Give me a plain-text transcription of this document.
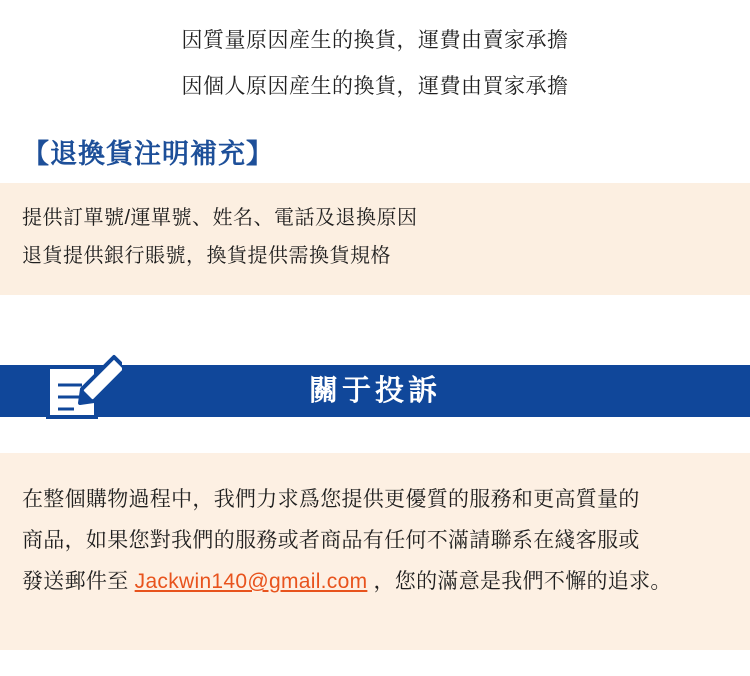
因質量原因産生的換貨，運費由賣家承擔
因個人原因産生的換貨，運費由買家承擔
【退換貨注明補充】
提供訂單號/運單號、姓名、電話及退換原因
退貨提供銀行賬號，換貨提供需換貨規格
關于投訴
在整個購物過程中，我們力求爲您提供更優質的服務和更高質量的
商品，如果您對我們的服務或者商品有任何不滿請聯系在綫客服或
發送郵件至 Jackwin140@gmail.com ，您的滿意是我們不懈的追求。
